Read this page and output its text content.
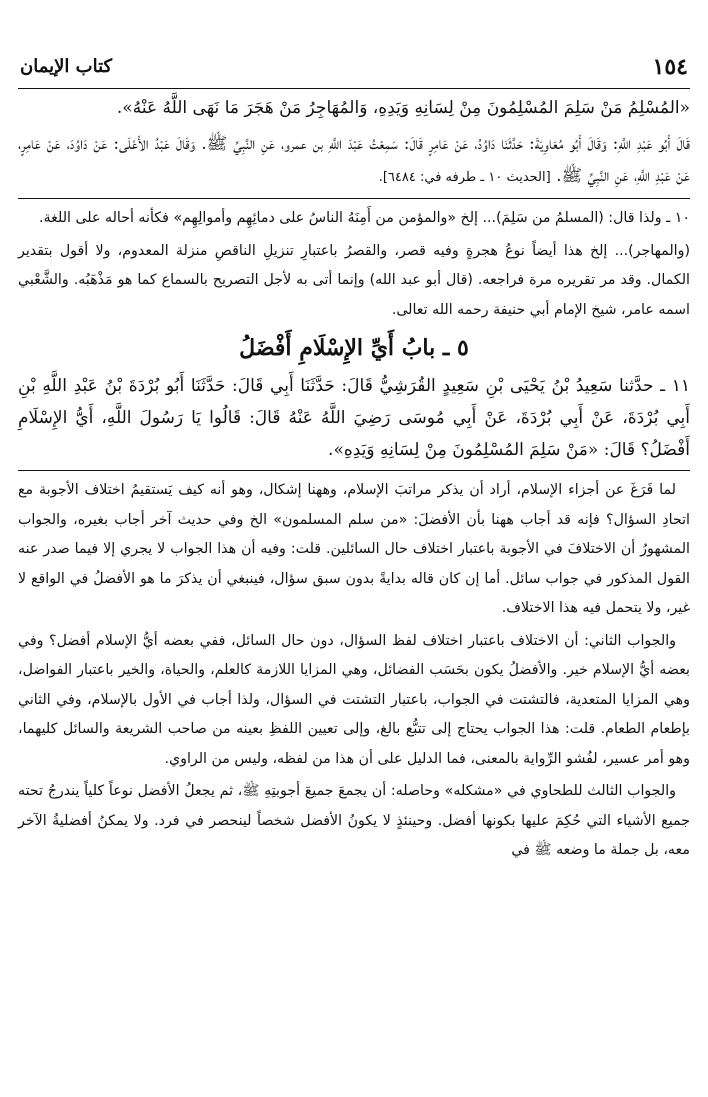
١٥٤
كتاب الإيمان

«المُسْلِمُ مَنْ سَلِمَ المُسْلِمُونَ مِنْ لِسَانِهِ وَيَدِهِ، وَالمُهَاجِرُ مَنْ هَجَرَ مَا نَهَى اللَّهُ عَنْهُ».

قَالَ أَبُو عَبْدِ اللَّهِ: وَقَالَ أَبُو مُعَاوِيَةَ: حَدَّثَنَا دَاوُدُ، عَنْ عَامِرٍ قَالَ: سَمِعْتُ عَبْدَ اللَّهِ بن عمرو، عَنِ النَّبِيِّ ﷺ. وَقَالَ عَبْدُ الأَعْلَى: عَنْ دَاوُدَ، عَنْ عَامِرٍ، عَنْ عَبْدِ اللَّهِ، عَنِ النَّبِيِّ ﷺ. [الحديث ١٠ ـ طرفه في: ٦٤٨٤].

١٠ ـ ولذا قال: (المسلمُ من سَلِمَ)... إلخ «والمؤمن من أَمِنَهُ الناسُ على دمائِهِم وأموالِهِم» فكأنه أحاله على اللغة.

(والمهاجر)... إلخ هذا أيضاً نوعُ هجرةٍ وفيه قصر، والقصرُ باعتبارِ تنزيلِ الناقصِ منزلة المعدوم، ولا أقول بتقدير الكمال. وقد مر تقريره مرة فراجعه. (قال أبو عبد الله) وإنما أتى به لأجل التصريح بالسماع كما هو مَذْهَبُه. والشَّعْبي اسمه عامر، شيخ الإمام أبي حنيفة رحمه الله تعالى.

٥ ـ بابُ أَيِّ الإِسْلَامِ أَفْضَلُ

١١ ـ حدَّثنا سَعِيدُ بْنُ يَحْيَى بْنِ سَعِيدٍ القُرَشِيُّ قَالَ: حَدَّثَنَا أَبِي قَالَ: حَدَّثَنَا أَبُو بُرْدَةَ بْنُ عَبْدِ اللَّهِ بْنِ أَبِي بُرْدَةَ، عَنْ أَبِي بُرْدَةَ، عَنْ أَبِي مُوسَى رَضِيَ اللَّهُ عَنْهُ قَالَ: قَالُوا يَا رَسُولَ اللَّهِ، أَيُّ الإِسْلَامِ أَفْضَلُ؟ قَالَ: «مَنْ سَلِمَ المُسْلِمُونَ مِنْ لِسَانِهِ وَيَدِهِ».

لما فَرَغَ عن أجزاء الإسلام، أراد أن يذكر مراتبَ الإسلام، وههنا إشكال، وهو أنه كيف يَستقيمُ اختلاف الأجوبة مع اتحادِ السؤال؟ فإنه قد أجاب ههنا بأن الأفضلَ: «من سلم المسلمون» الخ وفي حديث آخر أجاب بغيره، والجواب المشهورُ أن الاختلافَ في الأجوبة باعتبار اختلاف حال السائلين. قلت: وفيه أن هذا الجواب لا يجري إلا فيما صدر عنه القول المذكور في جواب سائل. أما إن كان قاله بدايةً بدون سبق سؤال، فينبغي أن يذكرَ ما هو الأفضلُ في الواقع لا غير، ولا يتحمل فيه هذا الاختلاف.

والجواب الثاني: أن الاختلاف باعتبار اختلاف لفظ السؤال، دون حال السائل، ففي بعضه أيُّ الإسلام أفضل؟ وفي بعضه أيُّ الإسلام خير. والأفضلُ يكون بحَسَب الفضائل، وهي المزايا اللازمة كالعلم، والحياة، والخير باعتبار الفواضل، وهي المزايا المتعدية، فالتشتت في الجواب، باعتبار التشتت في السؤال، ولذا أجاب في الأول بالإسلام، وفي الثاني بإطعام الطعام. قلت: هذا الجواب يحتاج إلى تتبُّع بالغ، وإلى تعيين اللفظِ بعينه من صاحب الشريعة والسائل كليهما، وهو أمر عسير، لفُشو الرِّواية بالمعنى، فما الدليل على أن هذا من لفظه، وليس من الراوي.

والجواب الثالث للطحاوي في «مشكله» وحاصله: أن يجمعَ جميعَ أجوبتِهِ ﷺ، ثم يجعلُ الأفضل نوعاً كلياً يندرجُ تحته جميع الأشياء التي حُكِمَ عليها بكونها أفضل. وحينئذٍ لا يكونُ الأفضل شخصاً لينحصر في فرد. ولا يمكنُ أفضليةُ الآخر معه، بل جملة ما وضعه ﷺ في
